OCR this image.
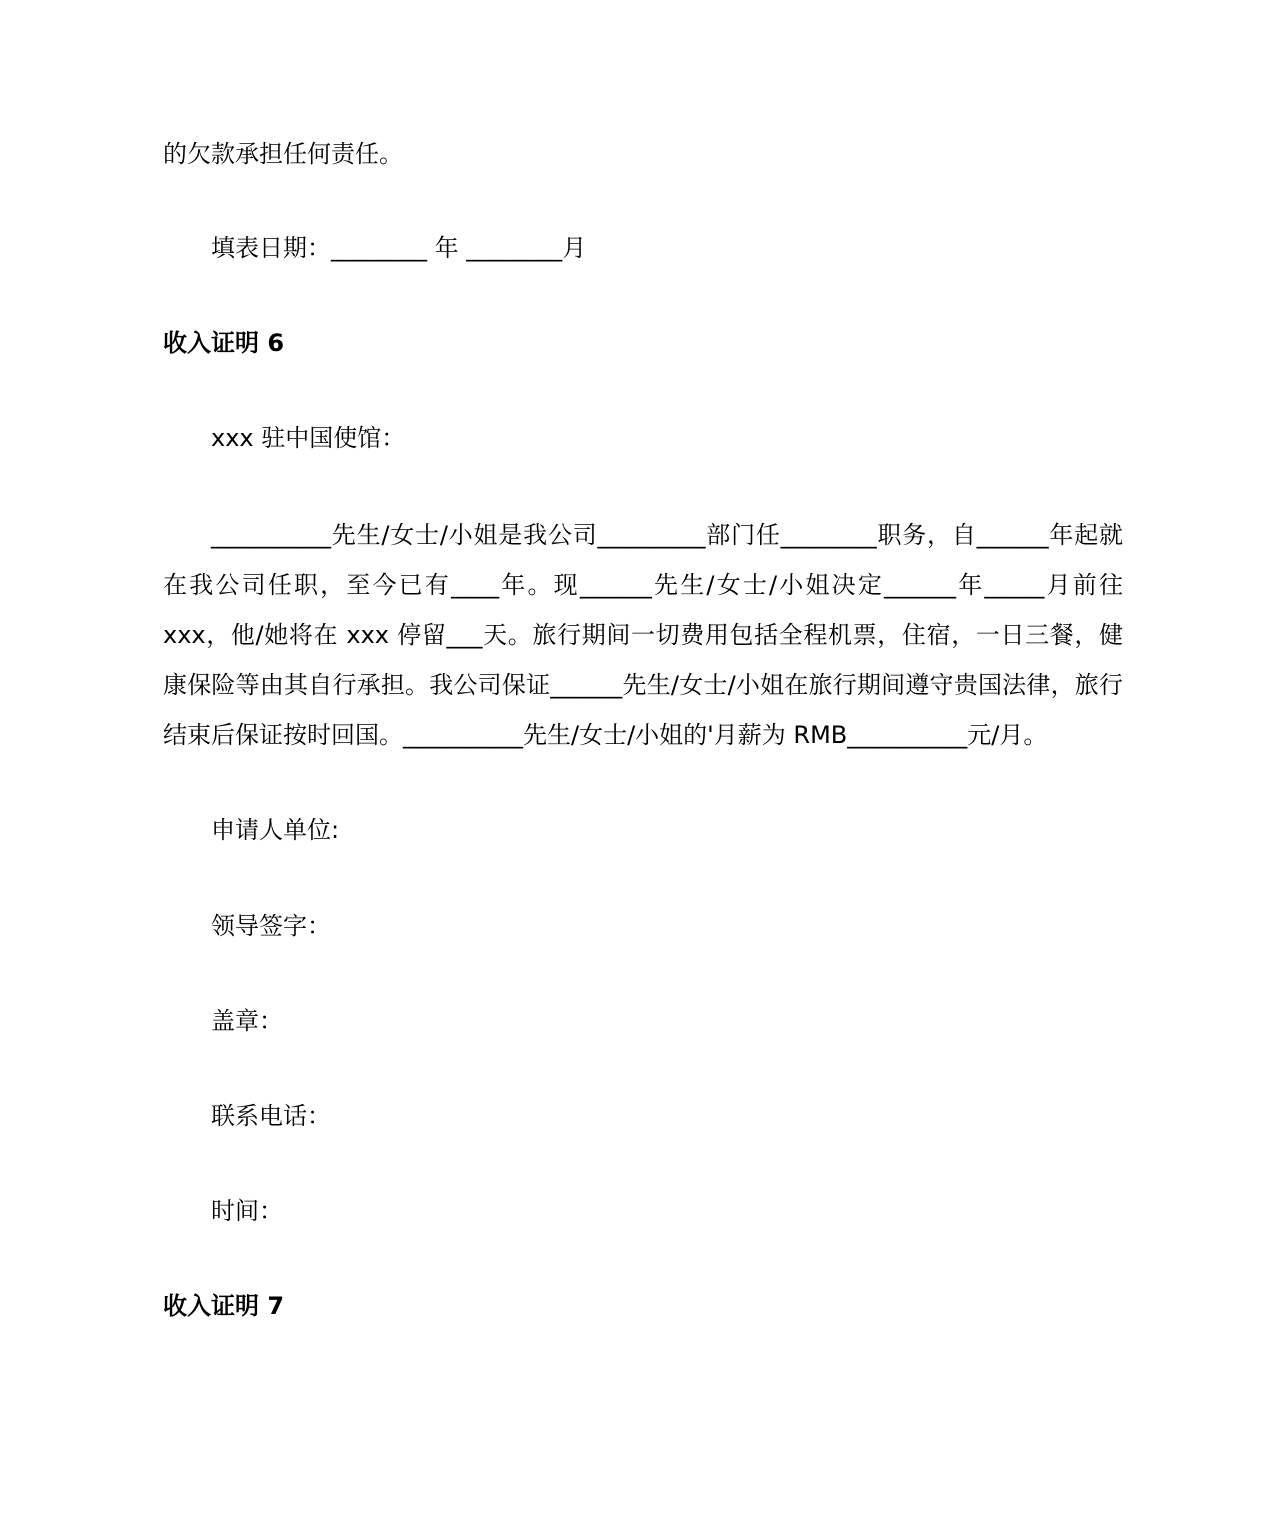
的欠款承担任何责任。
填表日期：________ 年 ________月
收入证明 6
xxx 驻中国使馆：
__________先生/女士/小姐是我公司_________部门任________职务，自______年起就在我公司任职，至今已有____年。现______先生/女士/小姐决定______年_____月前往 xxx，他/她将在 xxx 停留___天。旅行期间一切费用包括全程机票，住宿，一日三餐，健康保险等由其自行承担。我公司保证______先生/女士/小姐在旅行期间遵守贵国法律，旅行结束后保证按时回国。__________先生/女士/小姐的'月薪为 RMB__________元/月。
申请人单位:
领导签字：
盖章：
联系电话：
时间：
收入证明 7
